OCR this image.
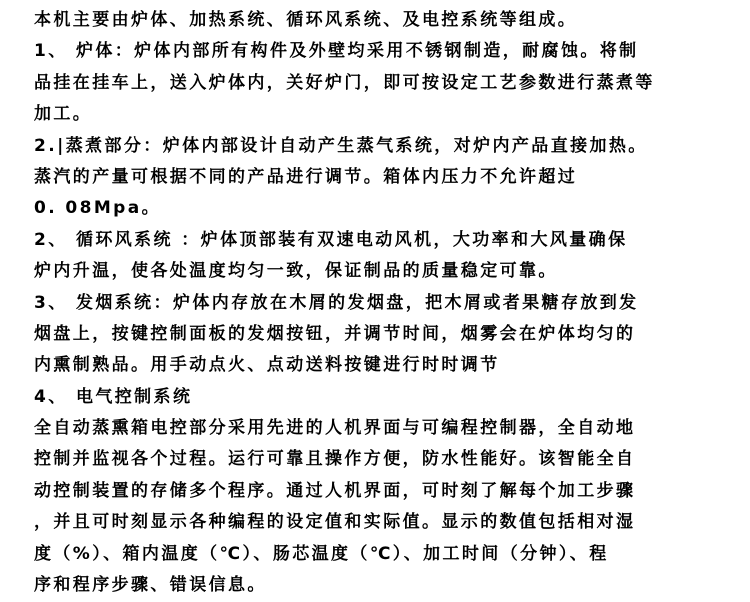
本机主要由炉体、加热系统、循环风系统、及电控系统等组成。
1、 炉体：炉体内部所有构件及外壁均采用不锈钢制造，耐腐蚀。将制
品挂在挂车上，送入炉体内，关好炉门，即可按设定工艺参数进行蒸煮等
加工。
2.|蒸煮部分：炉体内部设计自动产生蒸气系统，对炉内产品直接加热。
蒸汽的产量可根据不同的产品进行调节。箱体内压力不允许超过
0. 08Mpa。
2、 循环风系统 ：炉体顶部装有双速电动风机，大功率和大风量确保
炉内升温，使各处温度均匀一致，保证制品的质量稳定可靠。
3、 发烟系统：炉体内存放在木屑的发烟盘，把木屑或者果糖存放到发
烟盘上，按键控制面板的发烟按钮，并调节时间，烟雾会在炉体均匀的
内熏制熟品。用手动点火、点动送料按键进行时时调节
4、 电气控制系统
全自动蒸熏箱电控部分采用先进的人机界面与可编程控制器，全自动地
控制并监视各个过程。运行可靠且操作方便，防水性能好。该智能全自
动控制装置的存储多个程序。通过人机界面，可时刻了解每个加工步骤
，并且可时刻显示各种编程的设定值和实际值。显示的数值包括相对湿
度（%）、箱内温度（℃）、肠芯温度（℃）、加工时间（分钟）、程
序和程序步骤、错误信息。
